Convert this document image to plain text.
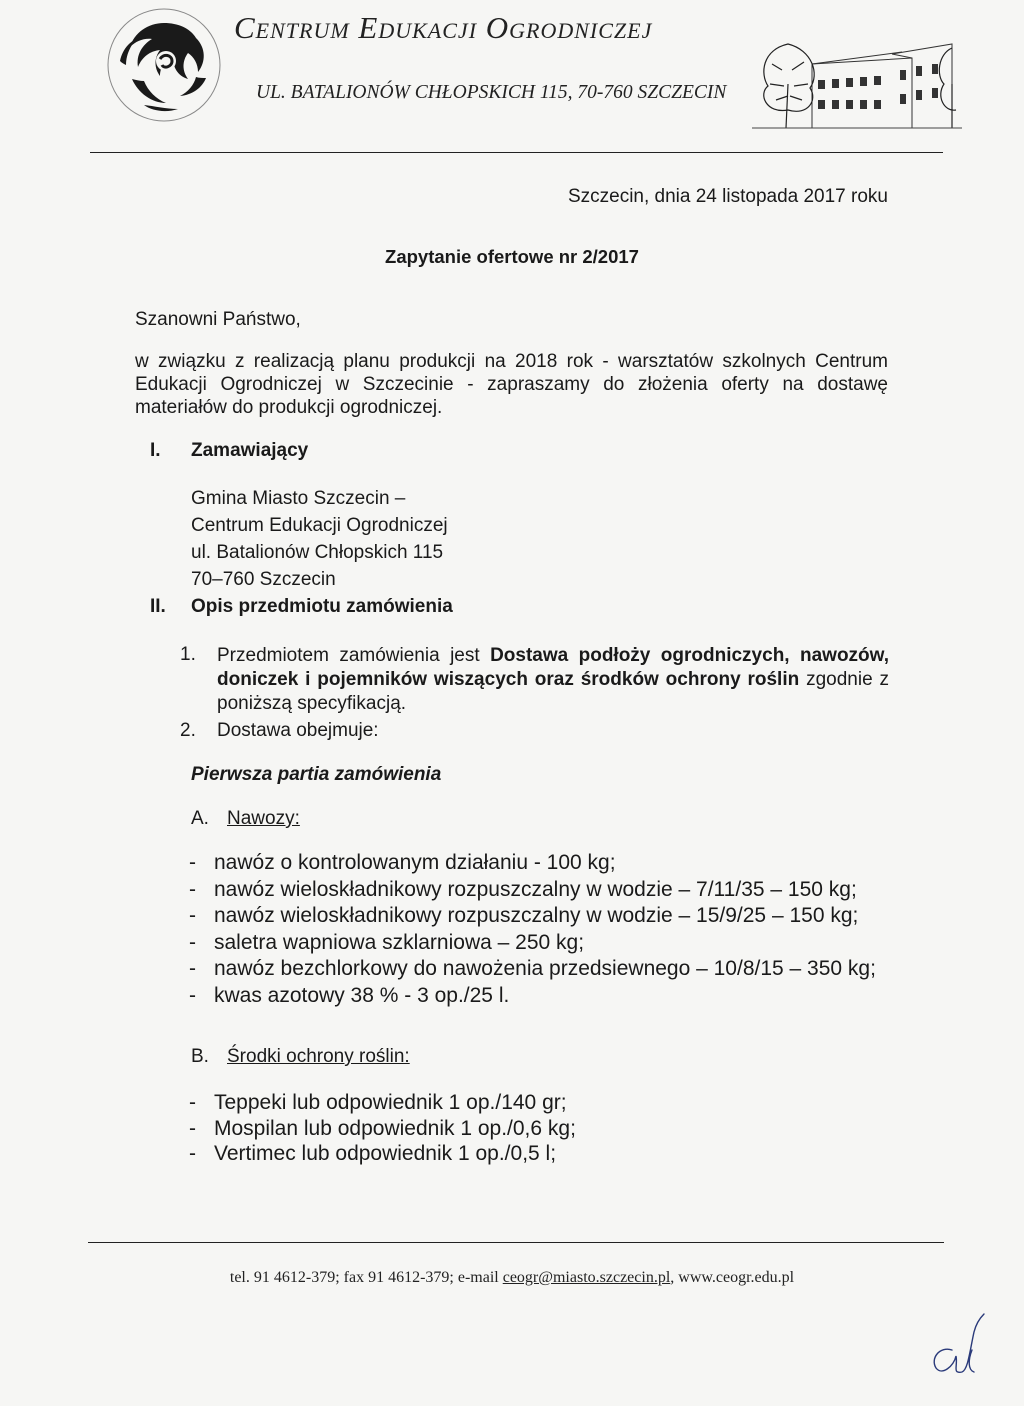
Centrum Edukacji Ogrodniczej
UL. BATALIONÓW CHŁOPSKICH 115, 70-760 SZCZECIN
Szczecin, dnia 24 listopada 2017 roku
Zapytanie ofertowe nr 2/2017
Szanowni Państwo,
w związku z realizacją planu produkcji na 2018 rok - warsztatów szkolnych Centrum Edukacji Ogrodniczej w Szczecinie - zapraszamy do złożenia oferty na dostawę materiałów do produkcji ogrodniczej.
I. Zamawiający
Gmina Miasto Szczecin –
Centrum Edukacji Ogrodniczej
ul. Batalionów Chłopskich 115
70–760 Szczecin
II. Opis przedmiotu zamówienia
1. Przedmiotem zamówienia jest Dostawa podłoży ogrodniczych, nawozów, doniczek i pojemników wiszących oraz środków ochrony roślin zgodnie z poniższą specyfikacją.
2. Dostawa obejmuje:
Pierwsza partia zamówienia
A. Nawozy:
- nawóz o kontrolowanym działaniu - 100 kg;
- nawóz wieloskładnikowy rozpuszczalny w wodzie – 7/11/35 – 150 kg;
- nawóz wieloskładnikowy rozpuszczalny w wodzie – 15/9/25 – 150 kg;
- saletra wapniowa szklarniowa – 250 kg;
- nawóz bezchlorkowy do nawożenia przedsiewnego – 10/8/15 – 350 kg;
- kwas azotowy 38 % - 3 op./25 l.
B. Środki ochrony roślin:
- Teppeki lub odpowiednik 1 op./140 gr;
- Mospilan lub odpowiednik 1 op./0,6 kg;
- Vertimec lub odpowiednik 1 op./0,5 l;
tel. 91 4612-379; fax 91 4612-379; e-mail ceogr@miasto.szczecin.pl, www.ceogr.edu.pl
